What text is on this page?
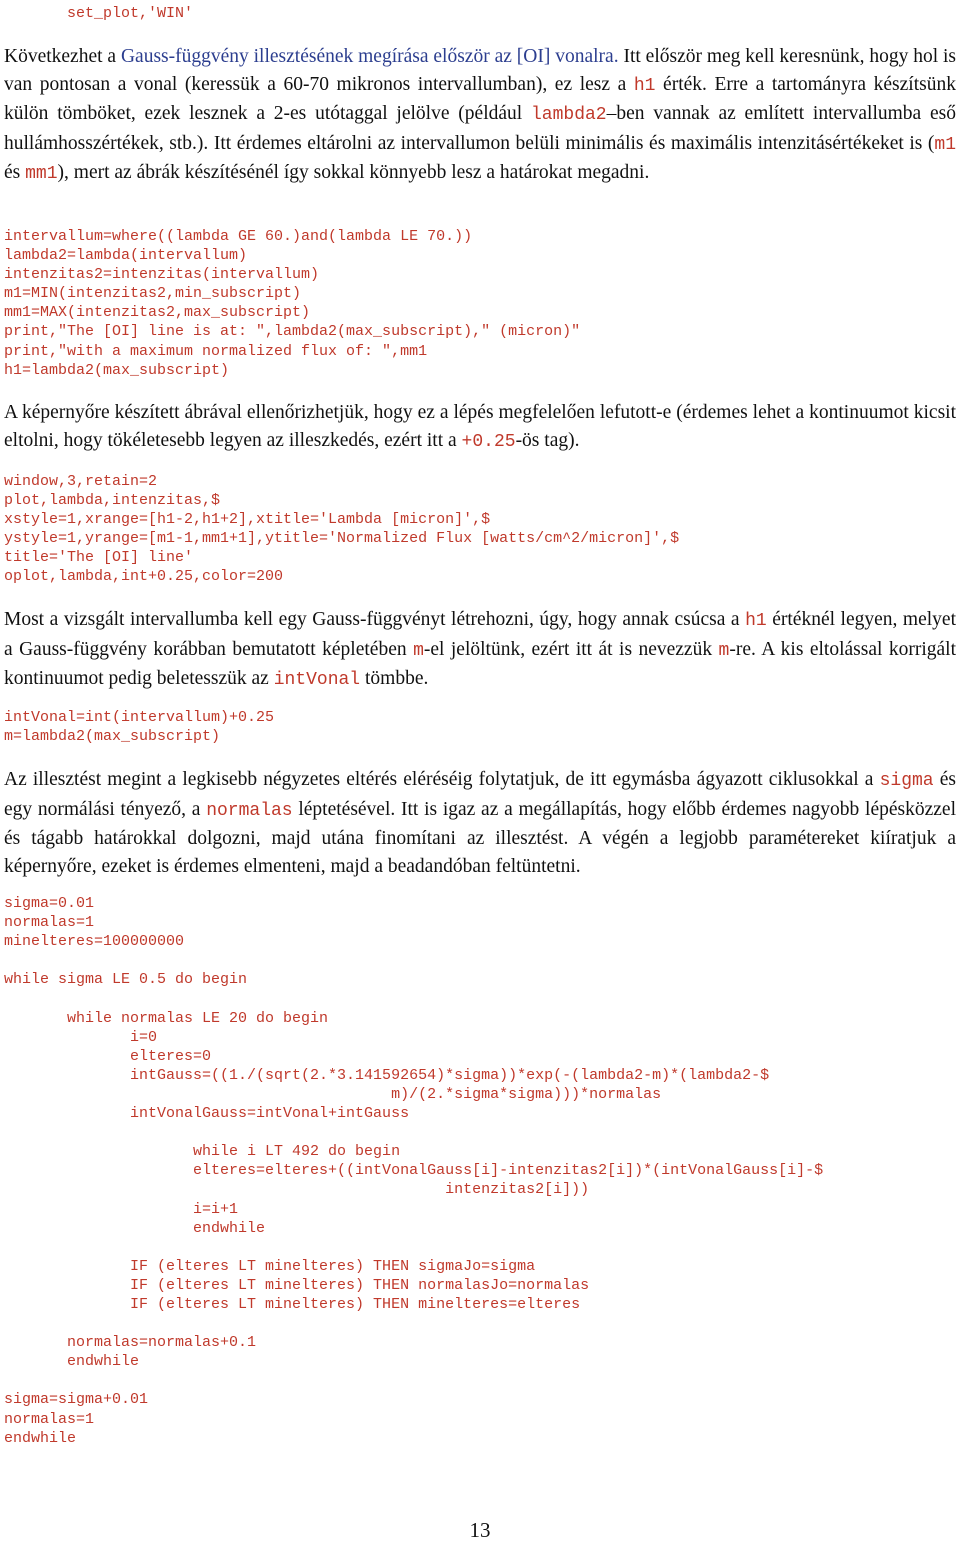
set_plot,'WIN'

Következhet a Gauss-függvény illesztésének megírása először az [OI] vonalra. Itt először meg kell keresnünk, hogy hol is van pontosan a vonal (keressük a 60-70 mikronos intervallumban), ez lesz a h1 érték. Erre a tartományra készítsünk külön tömböket, ezek lesznek a 2-es utótaggal jelölve (például lambda2–ben vannak az említett intervallumba eső hullámhosszértékek, stb.). Itt érdemes eltárolni az intervallumon belüli minimális és maximális intenzitásértékeket is (m1 és mm1), mert az ábrák készítésénél így sokkal könnyebb lesz a határokat megadni.

intervallum=where((lambda GE 60.)and(lambda LE 70.))
lambda2=lambda(intervallum)
intenzitas2=intenzitas(intervallum)
m1=MIN(intenzitas2,min_subscript)
mm1=MAX(intenzitas2,max_subscript)
print,"The [OI] line is at: ",lambda2(max_subscript)," (micron)"
print,"with a maximum normalized flux of: ",mm1
h1=lambda2(max_subscript)

A képernyőre készített ábrával ellenőrizhetjük, hogy ez a lépés megfelelően lefutott-e (érdemes lehet a kontinuumot kicsit eltolni, hogy tökéletesebb legyen az illeszkedés, ezért itt a +0.25-ös tag).

window,3,retain=2
plot,lambda,intenzitas,$
xstyle=1,xrange=[h1-2,h1+2],xtitle='Lambda [micron]',$
ystyle=1,yrange=[m1-1,mm1+1],ytitle='Normalized Flux [watts/cm^2/micron]',$
title='The [OI] line'
oplot,lambda,int+0.25,color=200

Most a vizsgált intervallumba kell egy Gauss-függvényt létrehozni, úgy, hogy annak csúcsa a h1 értéknél legyen, melyet a Gauss-függvény korábban bemutatott képletében m-el jelöltünk, ezért itt át is nevezzük m-re. A kis eltolással korrigált kontinuumot pedig beletesszük az intVonal tömbbe.

intVonal=int(intervallum)+0.25
m=lambda2(max_subscript)

Az illesztést megint a legkisebb négyzetes eltérés eléréséig folytatjuk, de itt egymásba ágyazott ciklusokkal a sigma és egy normálási tényező, a normalas léptetésével. Itt is igaz az a megállapítás, hogy előbb érdemes nagyobb lépésközzel és tágabb határokkal dolgozni, majd utána finomítani az illesztést. A végén a legjobb paramétereket kiíratjuk a képernyőre, ezeket is érdemes elmenteni, majd a beadandóban feltüntetni.

sigma=0.01
normalas=1
minelteres=100000000

while sigma LE 0.5 do begin

while normalas LE 20 do begin
i=0
elteres=0
intGauss=((1./(sqrt(2.*3.141592654)*sigma))*exp(-(lambda2-m)*(lambda2-$
m)/(2.*sigma*sigma)))*normalas
intVonalGauss=intVonal+intGauss

while i LT 492 do begin
elteres=elteres+((intVonalGauss[i]-intenzitas2[i])*(intVonalGauss[i]-$
intenzitas2[i]))
i=i+1
endwhile

IF (elteres LT minelteres) THEN sigmaJo=sigma
IF (elteres LT minelteres) THEN normalasJo=normalas
IF (elteres LT minelteres) THEN minelteres=elteres

normalas=normalas+0.1
endwhile

sigma=sigma+0.01
normalas=1
endwhile
13
